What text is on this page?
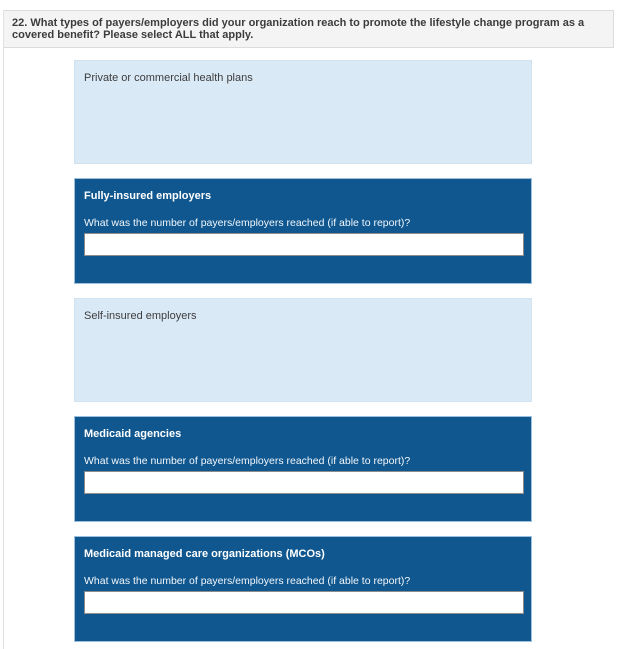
22. What types of payers/employers did your organization reach to promote the lifestyle change program as a covered benefit? Please select ALL that apply.
Private or commercial health plans
Fully-insured employers
What was the number of payers/employers reached (if able to report)?
Self-insured employers
Medicaid agencies
What was the number of payers/employers reached (if able to report)?
Medicaid managed care organizations (MCOs)
What was the number of payers/employers reached (if able to report)?
